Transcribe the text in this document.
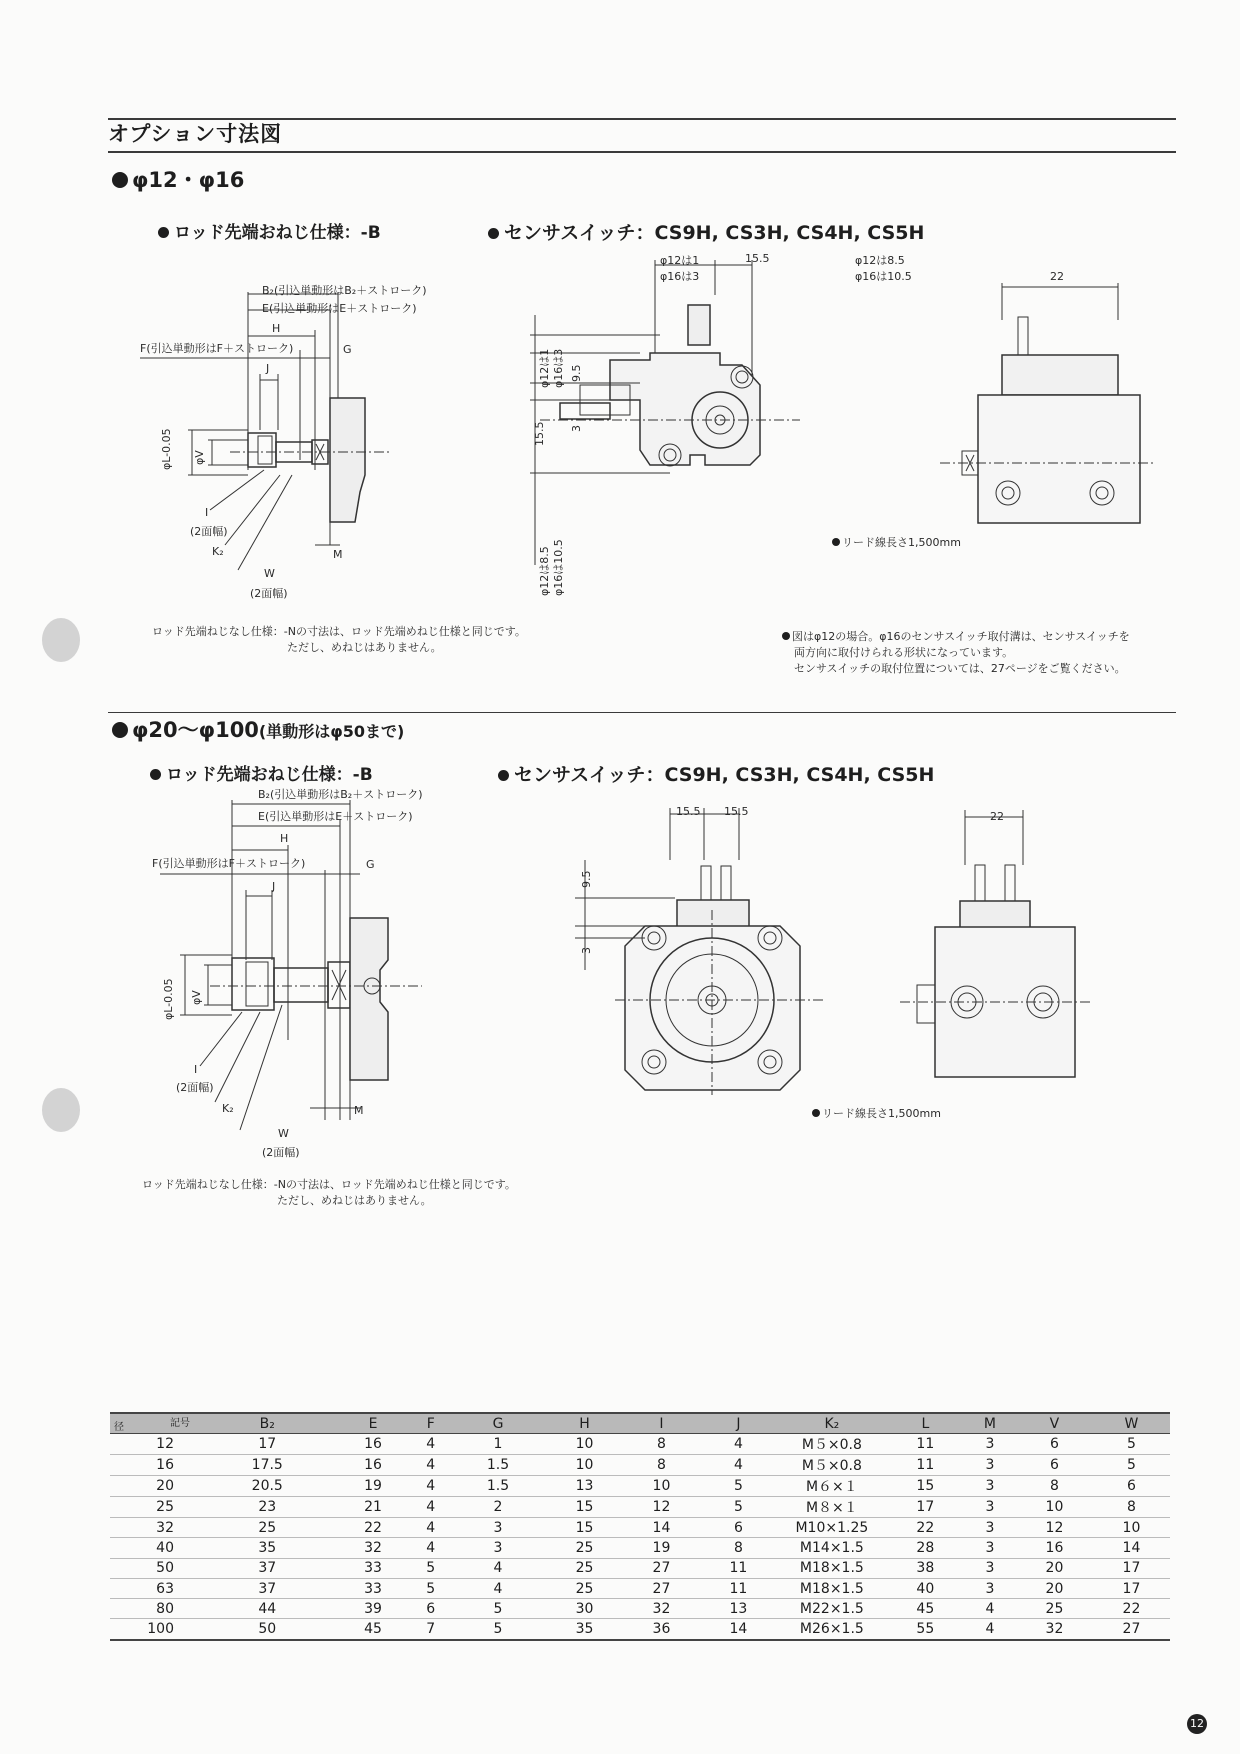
オプション寸法図
φ12・φ16
ロッド先端おねじ仕様：-B	センサスイッチ：CS9H, CS3H, CS4H, CS5H
B₂(引込単動形はB₂＋ストローク)
E(引込単動形はE＋ストローク)
H
F(引込単動形はF＋ストローク)	G
J
φL-0.05 φV
I
(2面幅)
K₂	M
W
(2面幅)
φ12は1
φ16は3
15.5	φ12は8.5
φ16は10.5
φ12は1 φ16は3 9.5
3
15.5
φ12は8.5 φ16は10.5
22
リード線長さ1,500mm
ロッド先端ねじなし仕様：-Nの寸法は、ロッド先端めねじ仕様と同じです。
ただし、めねじはありません。
図はφ12の場合。φ16のセンサスイッチ取付溝は、センサスイッチを
両方向に取付けられる形状になっています。
センサスイッチの取付位置については、27ページをご覧ください。
φ20～φ100(単動形はφ50まで)
ロッド先端おねじ仕様：-B	センサスイッチ：CS9H, CS3H, CS4H, CS5H
B₂(引込単動形はB₂＋ストローク)
E(引込単動形はE＋ストローク)
H
F(引込単動形はF＋ストローク)	G
J
φL-0.05 φV
I
(2面幅)
K₂	M
W
(2面幅)
15.5 15.5
9.5
3
22
リード線長さ1,500mm
ロッド先端ねじなし仕様：-Nの寸法は、ロッド先端めねじ仕様と同じです。
ただし、めねじはありません。
記号
径	B₂	E	F	G	H	I	J	K₂	L	M	V	W
12	17	16	4	1	10	8	4	M５×0.8	11	3	6	5
16	17.5	16	4	1.5	10	8	4	M５×0.8	11	3	6	5
20	20.5	19	4	1.5	13	10	5	M６×１	15	3	8	6
25	23	21	4	2	15	12	5	M８×１	17	3	10	8
32	25	22	4	3	15	14	6	M10×1.25	22	3	12	10
40	35	32	4	3	25	19	8	M14×1.5	28	3	16	14
50	37	33	5	4	25	27	11	M18×1.5	38	3	20	17
63	37	33	5	4	25	27	11	M18×1.5	40	3	20	17
80	44	39	6	5	30	32	13	M22×1.5	45	4	25	22
100	50	45	7	5	35	36	14	M26×1.5	55	4	32	27
12
